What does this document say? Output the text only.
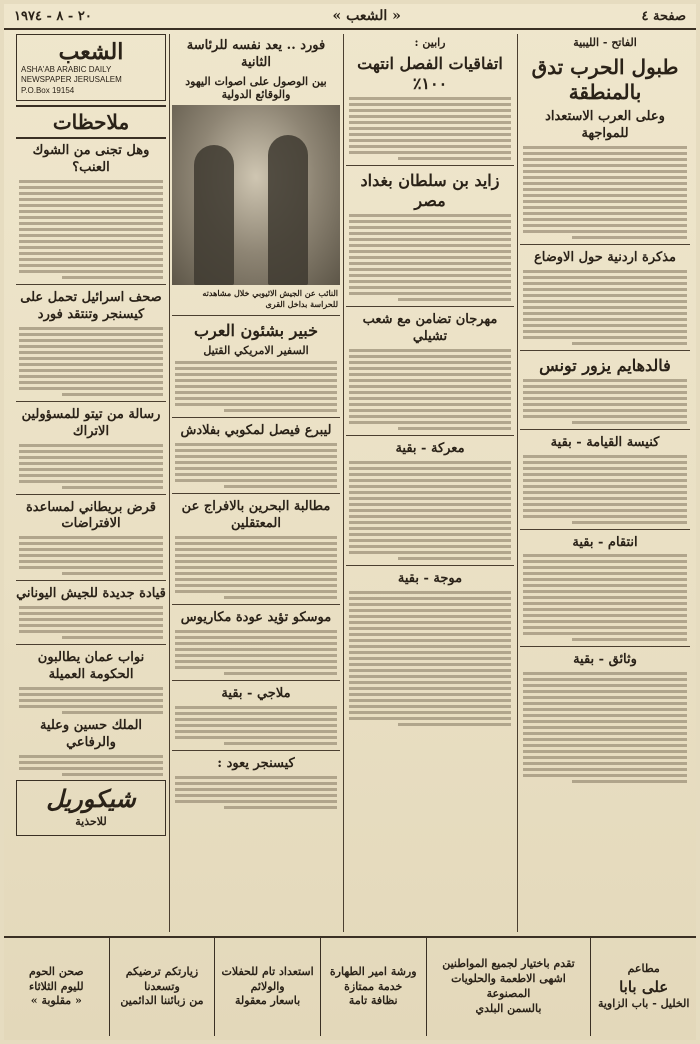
صفحة ٤
« الشعب »
٢٠ - ٨ - ١٩٧٤
الفاتح - الليبية
طبول الحرب تدق بالمنطقة
وعلى العرب الاستعداد للمواجهة
مذكرة اردنية حول الاوضاع
فالدهايم يزور تونس
كنيسة القيامة - بقية
انتقام - بقية
وثائق - بقية
رابين :
اتفاقيات الفصل انتهت ١٠٠٪
زايد بن سلطان بغداد مصر
مهرجان تضامن مع شعب تشيلي
معركة - بقية
موجة - بقية
فورد .. يعد نفسه للرئاسة الثانية
بين الوصول على اصوات اليهود والوقائع الدولية
النائب عن الجيش الاثيوبي خلال مشاهدته للحراسة بداخل القرى
خبير بشئون العرب
السفير الامريكي القتيل
ليبرع فيصل لمكوبي بفلادش
مطالبة البحرين بالافراج عن المعتقلين
موسكو تؤيد عودة مكاريوس
ملاجي - بقية
كيسنجر يعود :
الشعب
ASHA'AB ARABIC DAILY NEWSPAPER JERUSALEM
P.O.Box 19154
ملاحظات
وهل تجنى من الشوك العنب؟
صحف اسرائيل تحمل على كيسنجر وتنتقد فورد
رسالة من تيتو للمسؤولين الاتراك
قرض بريطاني لمساعدة الافتراضات
قيادة جديدة للجيش اليوناني
نواب عمان يطالبون الحكومة العميلة
الملك حسين وعلية والرفاعي
شيكوريل
للاحذية
مطاعم
على بابا
الخليل - باب الزاوية
تقدم باختيار لجميع المواطنين
اشهى الاطعمة والحلويات المصنوعة
بالسمن البلدي
ورشة امير الطهارة
خدمة ممتازة
نظافة تامة
استعداد تام للحفلات
والولائم
باسعار معقولة
زيارتكم ترضيكم
وتسعدنا
من زبائننا الدائمين
صحن الحوم
لليوم الثلاثاء
« مقلوبة »
